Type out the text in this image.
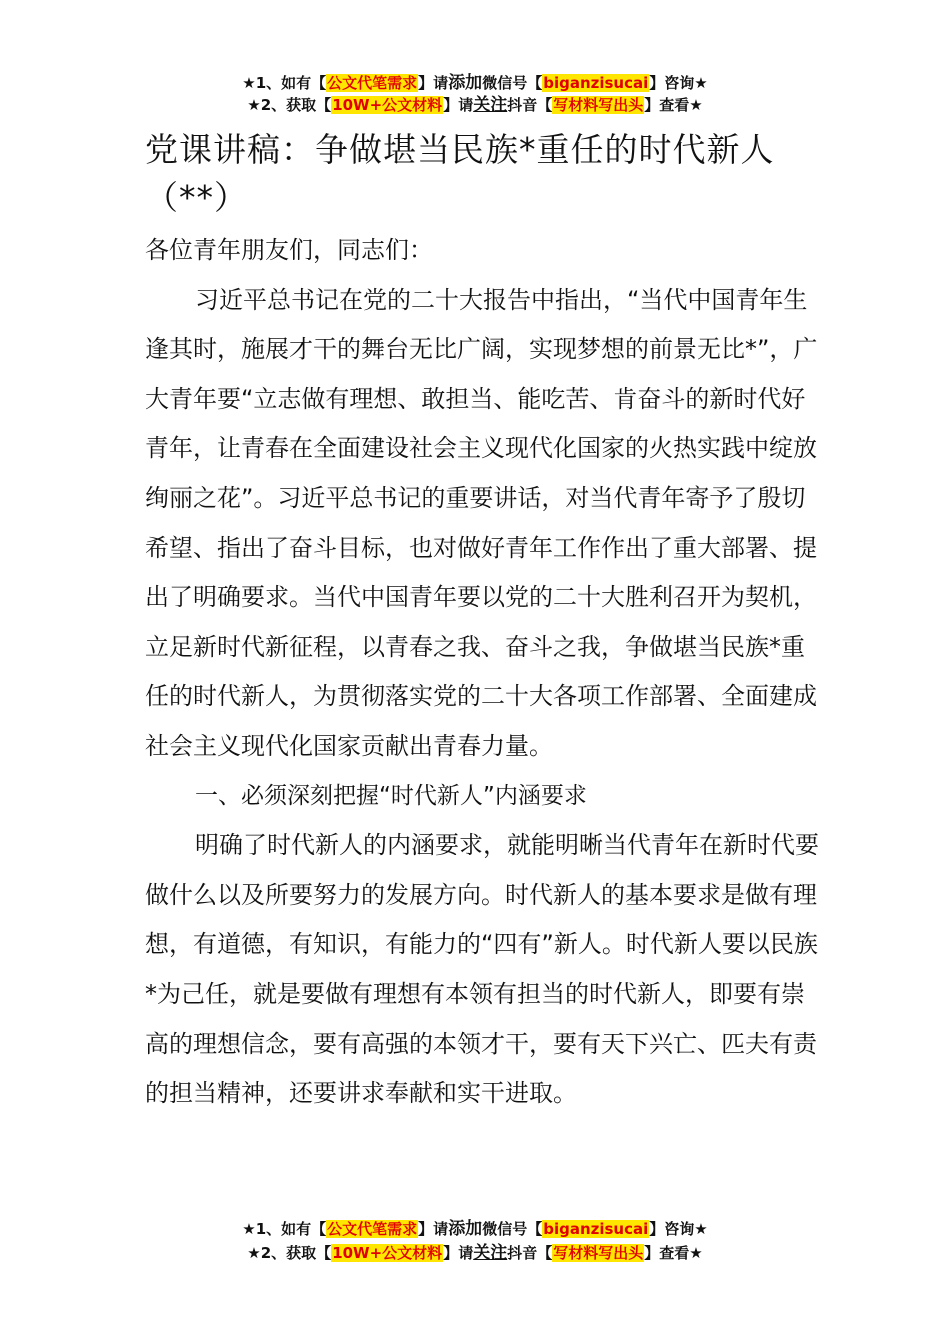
★1、如有【公文代笔需求】请添加微信号【biganzisucai】咨询★
★2、获取【10W+公文材料】请关注抖音【写材料写出头】查看★
党课讲稿：争做堪当民族*重任的时代新人（**）

各位青年朋友们，同志们：

习近平总书记在党的二十大报告中指出，“当代中国青年生逢其时，施展才干的舞台无比广阔，实现梦想的前景无比*”，广大青年要“立志做有理想、敢担当、能吃苦、肯奋斗的新时代好青年，让青春在全面建设社会主义现代化国家的火热实践中绽放绚丽之花”。习近平总书记的重要讲话，对当代青年寄予了殷切希望、指出了奋斗目标，也对做好青年工作作出了重大部署、提出了明确要求。当代中国青年要以党的二十大胜利召开为契机，立足新时代新征程，以青春之我、奋斗之我，争做堪当民族*重任的时代新人，为贯彻落实党的二十大各项工作部署、全面建成社会主义现代化国家贡献出青春力量。

一、必须深刻把握“时代新人”内涵要求

明确了时代新人的内涵要求，就能明晰当代青年在新时代要做什么以及所要努力的发展方向。时代新人的基本要求是做有理想，有道德，有知识，有能力的“四有”新人。时代新人要以民族*为己任，就是要做有理想有本领有担当的时代新人，即要有崇高的理想信念，要有高强的本领才干，要有天下兴亡、匹夫有责的担当精神，还要讲求奉献和实干进取。

★1、如有【公文代笔需求】请添加微信号【biganzisucai】咨询★
★2、获取【10W+公文材料】请关注抖音【写材料写出头】查看★
